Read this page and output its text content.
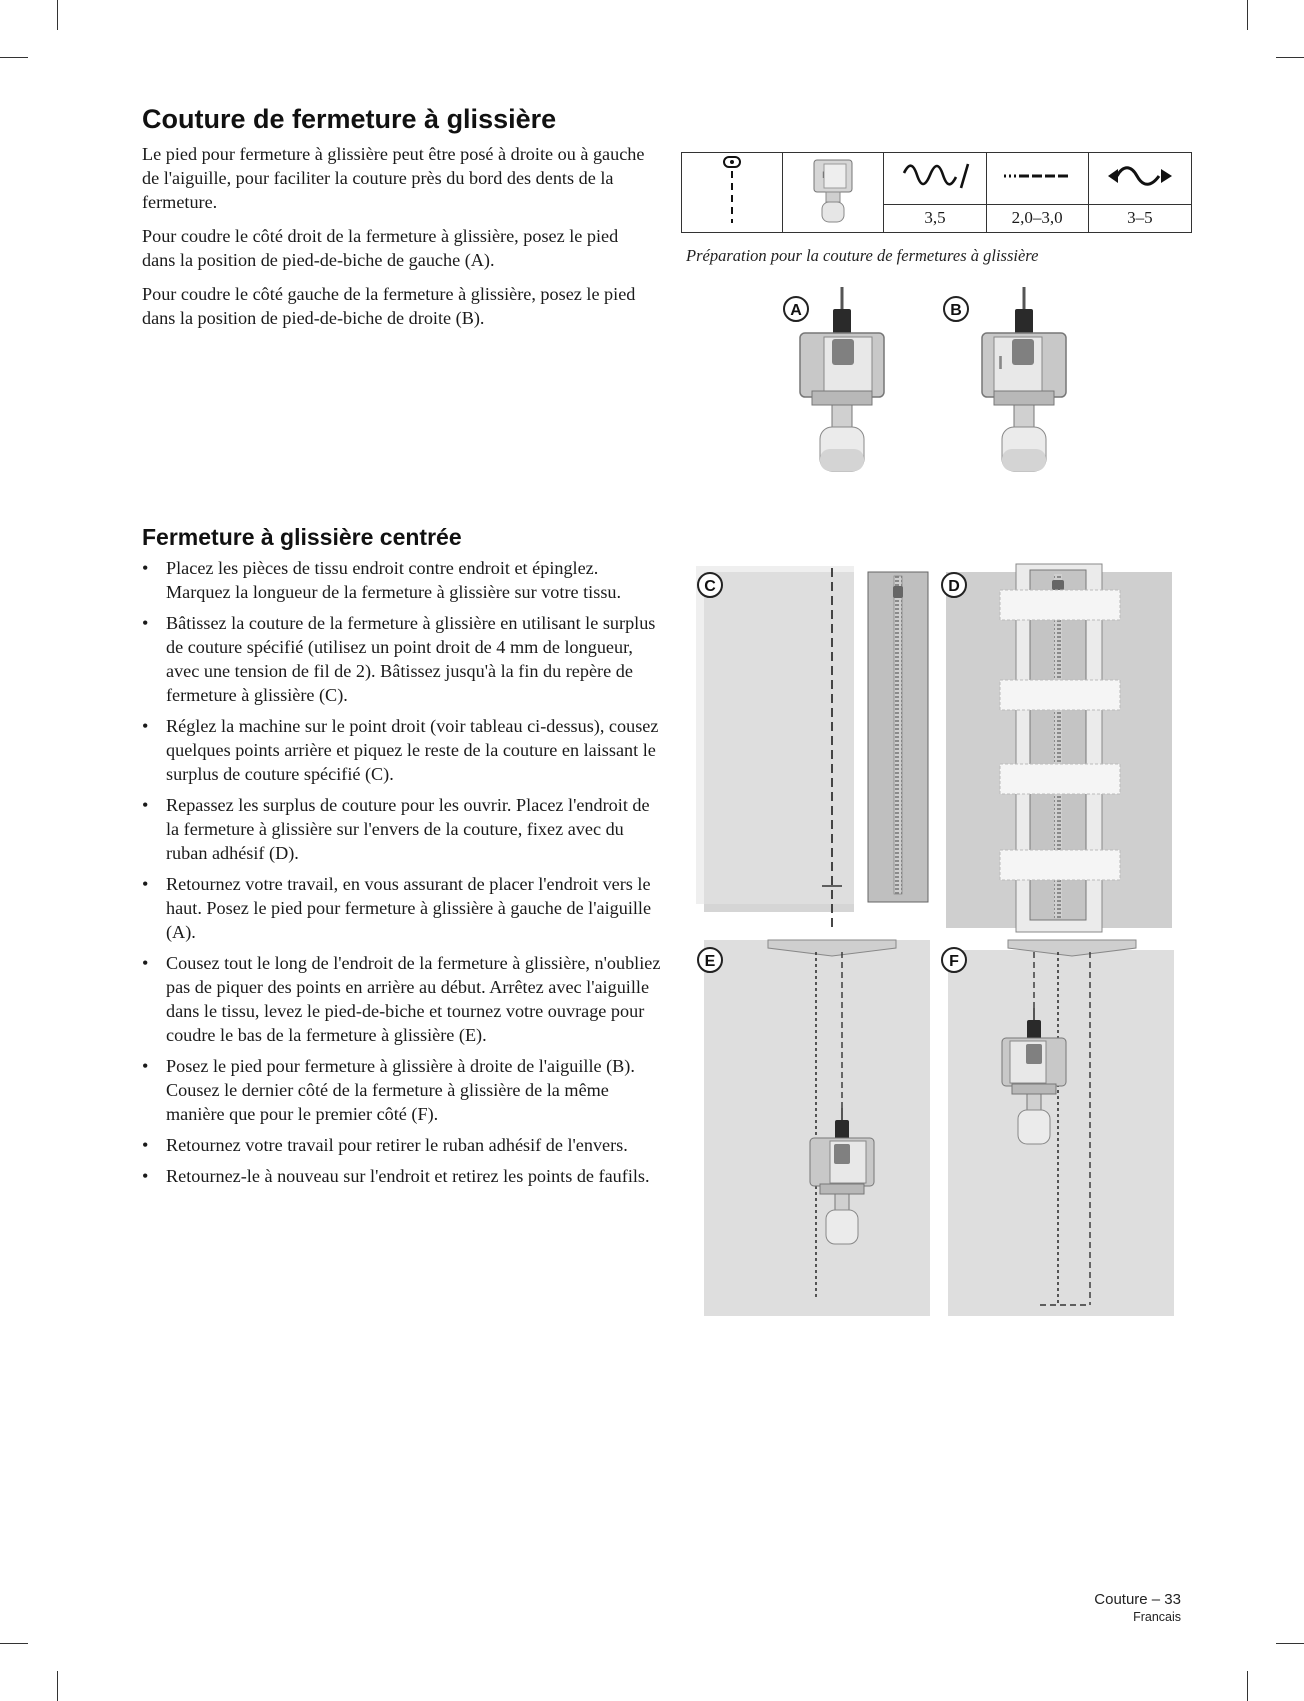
Couture de fermeture à glissière

Le pied pour fermeture à glissière peut être posé à droite ou à gauche de l'aiguille, pour faciliter la couture près du bord des dents de la fermeture.

Pour coudre le côté droit de la fermeture à glissière, posez le pied dans la position de pied-de-biche de gauche (A).

Pour coudre le côté gauche de la fermeture à glissière, posez le pied dans la position de pied-de-biche de droite (B).

I

		3,5	2,0–3,0	3–5
Préparation pour la couture de fermetures à glissière
A	B
I
Fermeture à glissière centrée
• Placez les pièces de tissu endroit contre endroit et épinglez. Marquez la longueur de la fermeture à glissière sur votre tissu.
• Bâtissez la couture de la fermeture à glissière en utilisant le surplus de couture spécifié (utilisez un point droit de 4 mm de longueur, avec une tension de fil de 2). Bâtissez jusqu'à la fin du repère de fermeture à glissière (C).
• Réglez la machine sur le point droit (voir tableau ci-dessus), cousez quelques points arrière et piquez le reste de la couture en laissant le surplus de couture spécifié (C).
• Repassez les surplus de couture pour les ouvrir. Placez l'endroit de la fermeture à glissière sur l'envers de la couture, fixez avec du ruban adhésif (D).
• Retournez votre travail, en vous assurant de placer l'endroit vers le haut. Posez le pied pour fermeture à glissière à gauche de l'aiguille (A).
• Cousez tout le long de l'endroit de la fermeture à glissière, n'oubliez pas de piquer des points en arrière au début. Arrêtez avec l'aiguille dans le tissu, levez le pied-de-biche et tournez votre ouvrage pour coudre le bas de la fermeture à glissière (E).
• Posez le pied pour fermeture à glissière à droite de l'aiguille (B). Cousez le dernier côté de la fermeture à glissière de la même manière que pour le premier côté (F).
• Retournez votre travail pour retirer le ruban adhésif de l'envers.
• Retournez-le à nouveau sur l'endroit et retirez les points de faufils.
C	D
E	F
Couture – 33
Francais
